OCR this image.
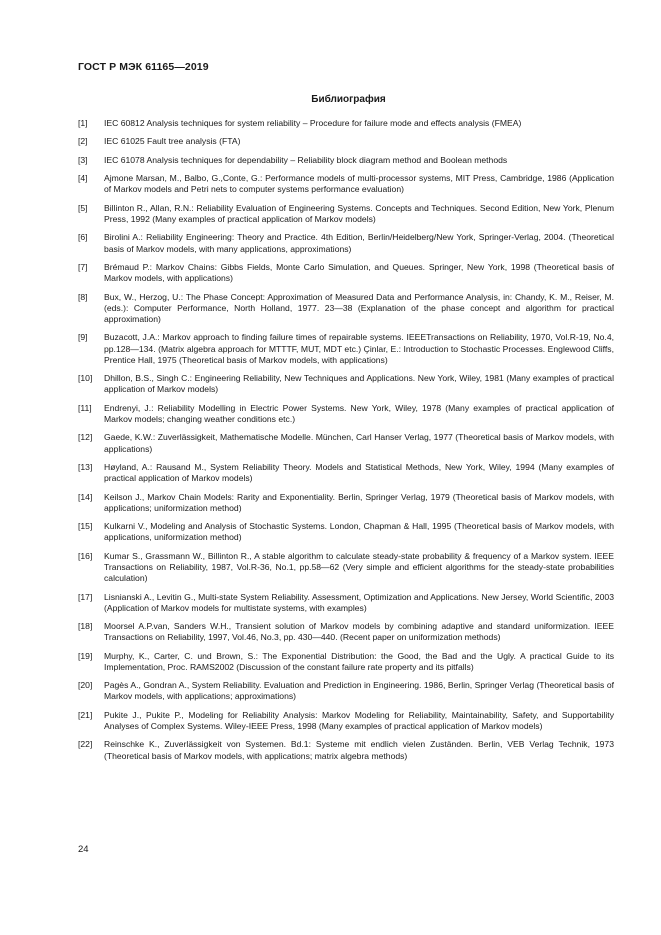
ГОСТ Р МЭК 61165—2019
Библиография
[1]	IEC 60812 Analysis techniques for system reliability – Procedure for failure mode and effects analysis (FMEA)
[2]	IEC 61025 Fault tree analysis (FTA)
[3]	IEC 61078 Analysis techniques for dependability – Reliability block diagram method and Boolean methods
[4]	Ajmone Marsan, M., Balbo, G.,Conte, G.: Performance models of multi-processor systems, MIT Press, Cambridge, 1986 (Application of Markov models and Petri nets to computer systems performance evaluation)
[5]	Billinton R., Allan, R.N.: Reliability Evaluation of Engineering Systems. Concepts and Techniques. Second Edition, New York, Plenum Press, 1992 (Many examples of practical application of Markov models)
[6]	Birolini A.: Reliability Engineering: Theory and Practice. 4th Edition, Berlin/Heidelberg/New York, Springer-Verlag, 2004. (Theoretical basis of Markov models, with many applications, approximations)
[7]	Brémaud P.: Markov Chains: Gibbs Fields, Monte Carlo Simulation, and Queues. Springer, New York, 1998 (Theoretical basis of Markov models, with applications)
[8]	Bux, W., Herzog, U.: The Phase Concept: Approximation of Measured Data and Performance Analysis, in: Chandy, K. M., Reiser, M. (eds.): Computer Performance, North Holland, 1977. 23—38 (Explanation of the phase concept and algorithm for practical approximation)
[9]	Buzacott, J.A.: Markov approach to finding failure times of repairable systems. IEEETransactions on Reliability, 1970, Vol.R-19, No.4, pp.128—134. (Matrix algebra approach for MTTTF, MUT, MDT etc.) Çinlar, E.: Introduction to Stochastic Processes. Englewood Cliffs, Prentice Hall, 1975 (Theoretical basis of Markov models, with applications)
[10]	Dhillon, B.S., Singh C.: Engineering Reliability, New Techniques and Applications. New York, Wiley, 1981 (Many examples of practical application of Markov models)
[11]	Endrenyi, J.: Reliability Modelling in Electric Power Systems. New York, Wiley, 1978 (Many examples of practical application of Markov models; changing weather conditions etc.)
[12]	Gaede, K.W.: Zuverlässigkeit, Mathematische Modelle. München, Carl Hanser Verlag, 1977 (Theoretical basis of Markov models, with applications)
[13]	Høyland, A.: Rausand M., System Reliability Theory. Models and Statistical Methods, New York, Wiley, 1994 (Many examples of practical application of Markov models)
[14]	Keilson J., Markov Chain Models: Rarity and Exponentiality. Berlin, Springer Verlag, 1979 (Theoretical basis of Markov models, with applications; uniformization method)
[15]	Kulkarni V., Modeling and Analysis of Stochastic Systems. London, Chapman & Hall, 1995 (Theoretical basis of Markov models, with applications, uniformization method)
[16]	Kumar S., Grassmann W., Billinton R., A stable algorithm to calculate steady-state probability & frequency of a Markov system. IEEE Transactions on Reliability, 1987, Vol.R-36, No.1, pp.58—62 (Very simple and efficient algorithms for the steady-state probabilities calculation)
[17]	Lisnianski A., Levitin G., Multi-state System Reliability. Assessment, Optimization and Applications. New Jersey, World Scientific, 2003 (Application of Markov models for multistate systems, with examples)
[18]	Moorsel A.P.van, Sanders W.H., Transient solution of Markov models by combining adaptive and standard uniformization. IEEE Transactions on Reliability, 1997, Vol.46, No.3, pp. 430—440. (Recent paper on uniformization methods)
[19]	Murphy, K., Carter, C. und Brown, S.: The Exponential Distribution: the Good, the Bad and the Ugly. A practical Guide to its Implementation, Proc. RAMS2002 (Discussion of the constant failure rate property and its pitfalls)
[20]	Pagès A., Gondran A., System Reliability. Evaluation and Prediction in Engineering. 1986, Berlin, Springer Verlag (Theoretical basis of Markov models, with applications; approximations)
[21]	Pukite J., Pukite P., Modeling for Reliability Analysis: Markov Modeling for Reliability, Maintainability, Safety, and Supportability Analyses of Complex Systems. Wiley-IEEE Press, 1998 (Many examples of practical application of Markov models)
[22]	Reinschke K., Zuverlässigkeit von Systemen. Bd.1: Systeme mit endlich vielen Zuständen. Berlin, VEB Verlag Technik, 1973 (Theoretical basis of Markov models, with applications; matrix algebra methods)
24
